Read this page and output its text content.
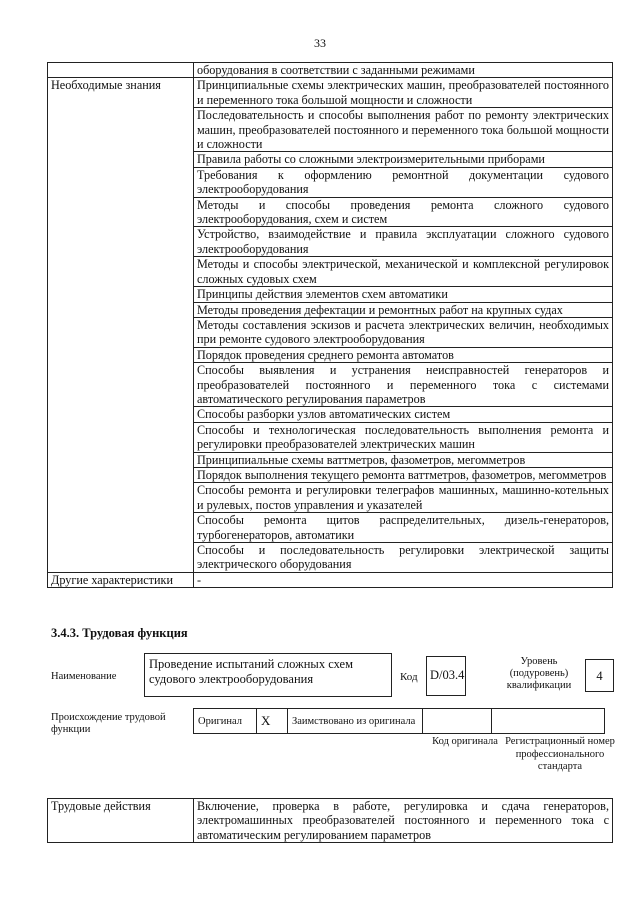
33
	оборудования в соответствии с заданными режимами
Необходимые знания	Принципиальные схемы электрических машин, преобразователей постоянного и переменного тока большой мощности и сложности
	Последовательность и способы выполнения работ по ремонту электрических машин, преобразователей постоянного и переменного тока большой мощности и сложности
	Правила работы со сложными электроизмерительными приборами
	Требования к оформлению ремонтной документации судового электрооборудования
	Методы и способы проведения ремонта сложного судового электрооборудования, схем и систем
	Устройство, взаимодействие и правила эксплуатации сложного судового электрооборудования
	Методы и способы электрической, механической и комплексной регулировок сложных судовых схем
	Принципы действия элементов схем автоматики
	Методы проведения дефектации и ремонтных работ на крупных судах
	Методы составления эскизов и расчета электрических величин, необходимых при ремонте судового электрооборудования
	Порядок проведения среднего ремонта автоматов
	Способы выявления и устранения неисправностей генераторов и преобразователей постоянного и переменного тока с системами автоматического регулирования параметров
	Способы разборки узлов автоматических систем
	Способы и технологическая последовательность выполнения ремонта и регулировки преобразователей электрических машин
	Принципиальные схемы ваттметров, фазометров, мегомметров
	Порядок выполнения текущего ремонта ваттметров, фазометров, мегомметров
	Способы ремонта и регулировки телеграфов машинных, машинно-котельных и рулевых, постов управления и указателей
	Способы ремонта щитов распределительных, дизель-генераторов, турбогенераторов, автоматики
	Способы и последовательность регулировки электрической защиты электрического оборудования
Другие характеристики	-
3.4.3. Трудовая функция
Наименование
Проведение испытаний сложных схем судового электрооборудования	Код D/03.4
Уровень (подуровень) квалификации
4
Происхождение трудовой функции
Оригинал	X	Заимствовано из оригинала		
Код оригинала Регистрационный номер профессионального стандарта
Трудовые действия	Включение, проверка в работе, регулировка и сдача генераторов, электромашинных преобразователей постоянного и переменного тока с автоматическим регулированием параметров
